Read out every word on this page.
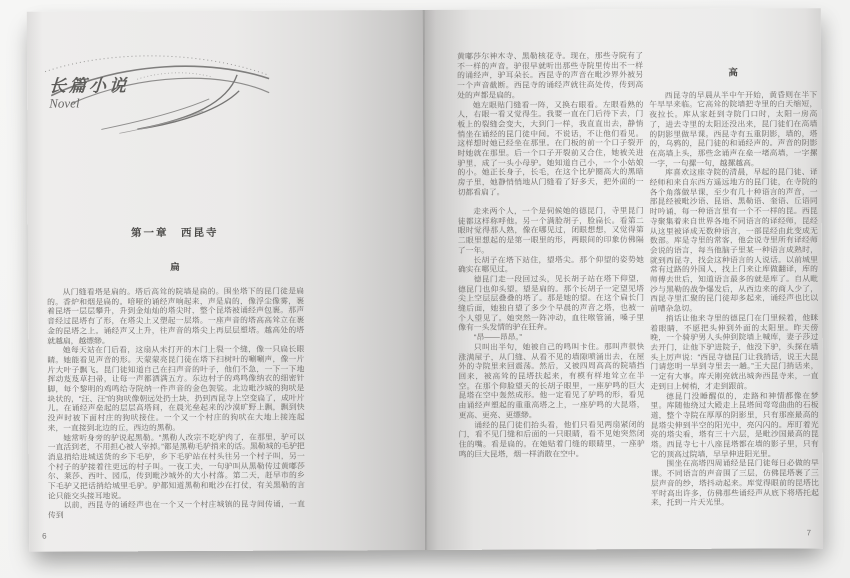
长篇小说
Novel
第一章　西昆寺
扁

从门缝看塔是扁的。塔后高耸的院墙是扁的。围坐塔下的昆门徒是扁的。香炉和烟是扁的。喑哑的诵经声响起来，声是扁的，像浮尘像雾，裹着昆塔一层层攀升，升到金灿灿的塔尖时，整个昆塔被诵经声包裹。那声音经过昆塔有了形，在塔尖上又塑起一层塔。一座声音的塔高高耸立在裹金的昆塔之上。诵经声又上升，往声音的塔尖上再层层塑塔。越高处的塔就越扁，越缥缈。

她每天站在门后看，这扇从未打开的木门上裂一个缝，像一只扁长眼睛。她能看见声音的形。天蒙蒙亮昆门徒在塔下扫树叶的唰唰声，像一片片大叶子飘飞。昆门徒知道自己在扫声音的叶子，他们不急，一下一下地挥动芨芨草扫帚，让每一声都洒满五方。东边村子的鸡鸣像纳衣的细密针脚，每个黎明的鸡鸣给寺院纳一件声音的金色袈裟。北边毗沙城的狗吠是块状的，“汪、汪”的狗吠像朝远处扔土块，扔到西昆寺上空变扁了，成叶片儿。在诵经声垒起的层层高塔间，在晨光垒起来的沙漠旷野上飘，飘到快没声时被下面村庄的狗吠接住。一个又一个村庄的狗吠在大地上接连起来，一直接到北边的丘，西边的黑勒。

她常听身旁的驴说起黑勒。“黑勒人改宗不吃驴肉了，在那里，驴可以一直活到老，不用担心被人宰掉。”都是黑勒毛驴捎来的话。黑勒城的毛驴把消息捎给进城送货的乡下毛驴，乡下毛驴站在村头往另一个村子叫，另一个村子的驴接着往更远的村子叫。一夜工夫，一句驴叫从黑勒传过黄嘟莎尔、莱莎、西叶、园瓜，传到毗沙城外的大小村落。第二天，赶早市的乡下毛驴又把话捎给城里毛驴。驴都知道黑勒和毗沙在打仗，有关黑勒的言论只能交头接耳地说。

以前，西昆寺的诵经声也在一个又一个村庄城镇的昆寺间传诵，一直传到

6

黄嘟莎尔神木寺、黑勒核花寺。现在，那些寺院有了不一样的声音。驴很早就听出那些寺院里传出不一样的诵经声，驴耳朵长。西昆寺的声音在毗沙界外被另一个声音截断。西昆寺的诵经声就往高处传，传到高处的声都是扁的。

她左眼贴门缝看一阵，又换右眼看。左眼看熟的人，右眼一看又觉得生。我要一直在门后待下去，门板上的裂缝会变大，大到门一样，我直直出去，静悄悄坐在诵经的昆门徒中间。不说话，不让他们看见。这样想时她已经坐在那里。在门板的前一个口子裂开时她就在那里。后一个口子开裂前又合住，她被关进驴里，成了一头小母驴。她知道自己小，一个小姑娘的小。她正长身子，长毛，在这个比驴圈高大的黑暗房子里，她静悄悄地从门缝看了好多天，把外面的一切都看扁了。

走来两个人，一个是伺候她的德昆门，寺里昆门徒都这样称呼他。另一个满脸胡子，脸扁长。看第二眼时觉得那人熟，像在哪见过，闭眼想想，又觉得第二眼里想起的是第一眼里的形，两眼间的印象仿佛隔了一年。

长胡子在塔下站住，望塔尖。那个仰望的姿势她确实在哪见过。

德昆门走一段回过头，见长胡子站在塔下仰望，德昆门也仰头望。望是扁的。那个长胡子一定望见塔尖上空层层叠叠的塔了。那是她的望。在这个扁长门缝后面，她独自望了多少个早晨的声音之塔，也被一个人望见了。她突然一阵冲动，血往喉管涌，嗓子里像有一头发情的驴在狂奔。

“昂——昂昂。”

只叫出半句，她被自己的鸣叫卡住。那叫声很快涨满屋子，从门缝、从看不见的墙隙喷涌出去，在屋外的寺院里来回震荡。然后，又被四周高高的院墙挡回来，被高耸的昆塔扶起来，有模有样地耸立在半空。在那个仰脸望天的长胡子眼里，一座驴鸣的巨大昆塔在空中轰然成形。他一定看见了驴鸣的形，看见由诵经声塑起的重重高塔之上，一座驴鸣的大昆塔，更高、更亮、更缥缈。

诵经的昆门徒们抬头看，他们只看见两扇紧闭的门，看不见门缝和后面的一只眼睛，看不见她突然闭住的嘴。看是扁的。在她贴着门缝的眼睛里，一座驴鸣的巨大昆塔，烟一样消散在空中。

高

西昆寺的早晨从半中午开始，黄昏则在半下午早早来临。它高耸的院墙把寺里的白天缩短，夜拉长。库从家赶到寺院门口时，太阳一房高了，进去寺里的太阳还没出来，昆门徒们在高墙的阴影里做早课。西昆寺有五重阴影，墙的，塔的，乌鸦的，昆门徒的和诵经声的。声音的阴影在高墙上头，那些念诵声在垒一堵高墙，一字摞一字，一句摞一句，越摞越高。

库喜欢这座寺院的清晨，早起的昆门徒、译经师和来自东西方遥远地方的昆门徒，在寺院的各个角落做早课，至少有几十种语言的声音，一部昆经被毗沙语、昆语、黑勒语、奎语、丘语同时吟诵，每一种语言里有一个不一样的昆。西昆寺聚集着来自世界各地不同语言的译经师，昆经从这里被译成无数种语言，一部昆经由此变成无数部。库是寺里的常客，他会说寺里所有译经师会说的语言，每当他脑子里某一种语言成熟时，就到西昆寺，找会这种语言的人说话。以前城里常有过路的外国人，找上门来让库做翻译，库的师傅去世后，知道语言最多的就是库了。自从毗沙与黑勒的战争爆发后，从西边来的商人少了，西昆寺里汇聚的昆门徒却多起来，诵经声也比以前嘈杂急切。

捎话让他来寺里的德昆门在门里候着，他眯着眼睛，不愿把头伸到外面的太阳里。昨天傍晚，一个骑驴男人头伸到院墙上喊库，妻子莎过去开门，让他下驴进院子，他没下驴，头探在墙头上厉声说：“西昆寺德昆门让我捎话，说王大昆门请您明一早到寺里去一趟。”王大昆门捎话来，一定有大事。库天刚亮就出城奔西昆寺来，一直走到日上树梢，才走到跟前。

德昆门没睡醒似的，走路和神情都像在梦里。库随他绕过大殿走上昆塔间弯弯曲曲的石板道，整个寺院在厚厚的阴影里，只有那座最高的昆塔尖伸到半空的阳光中，亮闪闪的。库盯着光亮的塔尖看，塔有三十六层，是毗沙国最高的昆塔。西昆寺七十八座昆塔都在墙的影子里，只有它的顶高过院墙，早早伸进阳光里。

围坐在高塔四周诵经是昆门徒每日必做的早课。不同语言的声音围了三层，仿佛昆塔裹了三层声音的纱，塔抖动起来。库觉得眼前的昆塔比平时高出许多，仿佛那些诵经声从底下将塔托起来，托到一片天光里。

7
